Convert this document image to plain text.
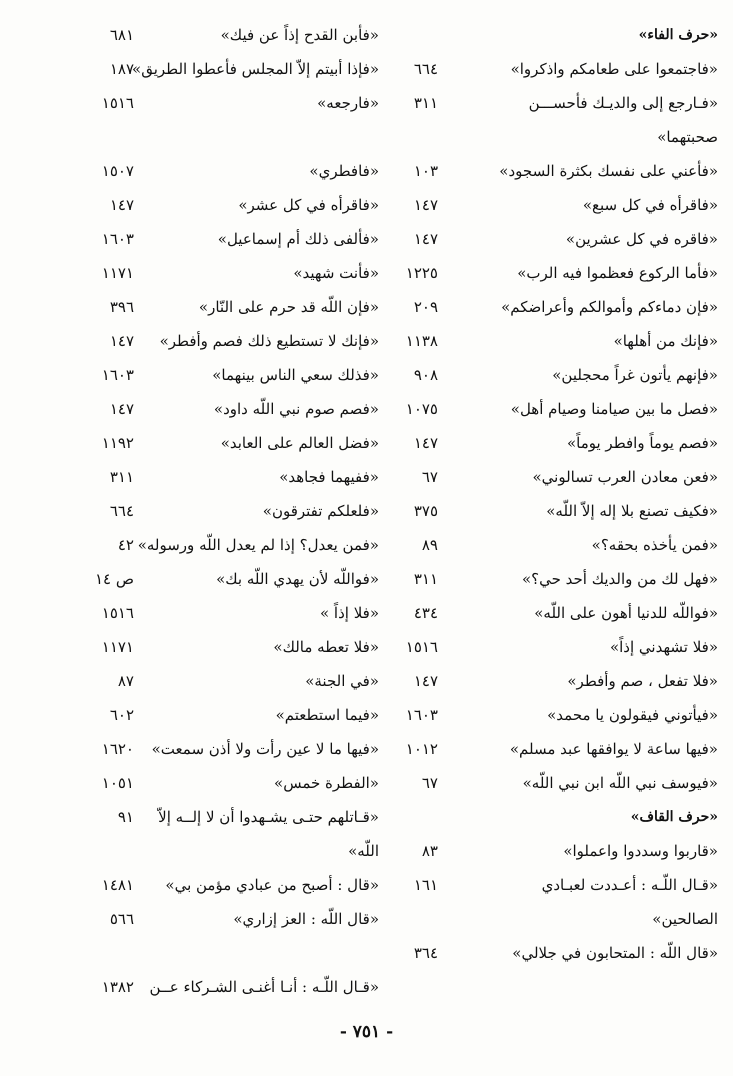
«حرف الفاء»
«فاجتمعوا على طعامكم واذكروا»
٦٦٤
«فـارجع إلى والديـك فأحســـن
٣١١
صحبتهما»
«فأعني على نفسك بكثرة السجود»
١٠٣
«فاقرأه في كل سبع»
١٤٧
«فاقره في كل عشرين»
١٤٧
«فأما الركوع فعظموا فيه الرب»
١٢٢٥
«فإن دماءكم وأموالكم وأعراضكم»
٢٠٩
«فإنك من أهلها»
١١٣٨
«فإنهم يأتون غراً محجلين»
٩٠٨
«فصل ما بين صيامنا وصيام أهل»
١٠٧٥
«فصم يوماً وافطر يوماً»
١٤٧
«فعن معادن العرب تسالوني»
٦٧
«فكيف تصنع بلا إله إلاّ اللّه»
٣٧٥
«فمن يأخذه بحقه؟»
٨٩
«فهل لك من والديك أحد حي؟»
٣١١
«فواللّه للدنيا أهون على اللّه»
٤٣٤
«فلا تشهدني إذاً»
١٥١٦
«فلا تفعل ، صم وأفطر»
١٤٧
«فيأتوني فيقولون يا محمد»
١٦٠٣
«فيها ساعة لا يوافقها عبد مسلم»
١٠١٢
«فيوسف نبي اللّه ابن نبي اللّه»
٦٧
«حرف القاف»
«قاربوا وسددوا واعملوا»
٨٣
«قـال اللّـه : أعـددت لعبـادي
١٦١
الصالحين»
«قال اللّه : المتحابون في جلالي»
٣٦٤
«فأبن القدح إذاً عن فيك»
٦٨١
«فإذا أبيتم إلاّ المجلس فأعطوا الطريق»
١٨٧
«فارجعه»
١٥١٦
«فافطري»
١٥٠٧
«فاقرأه في كل عشر»
١٤٧
«فألفى ذلك أم إسماعيل»
١٦٠٣
«فأنت شهيد»
١١٧١
«فإن اللّه قد حرم على النّار»
٣٩٦
«فإنك لا تستطيع ذلك فصم وأفطر»
١٤٧
«فذلك سعي الناس بينهما»
١٦٠٣
«فصم صوم نبي اللّه داود»
١٤٧
«فضل العالم على العابد»
١١٩٢
«ففيهما فجاهد»
٣١١
«فلعلكم تفترقون»
٦٦٤
«فمن يعدل؟ إذا لم يعدل اللّه ورسوله»
٤٢
«فواللّه لأن يهدي اللّه بك»
ص ١٤
«فلا إذاً »
١٥١٦
«فلا تعطه مالك»
١١٧١
«في الجنة»
٨٧
«فيما استطعتم»
٦٠٢
«فيها ما لا عين رأت ولا أذن سمعت»
١٦٢٠
«الفطرة خمس»
١٠٥١
«قـاتلهم حتـى يشـهدوا أن لا إلــه إلاّ
٩١
اللّه»
«قال : أصبح من عبادي مؤمن بي»
١٤٨١
«قال اللّه : العز إزاري»
٥٦٦
«قـال اللّـه : أنـا أغنـى الشـركاء عــن
١٣٨٢
- ٧٥١ -
